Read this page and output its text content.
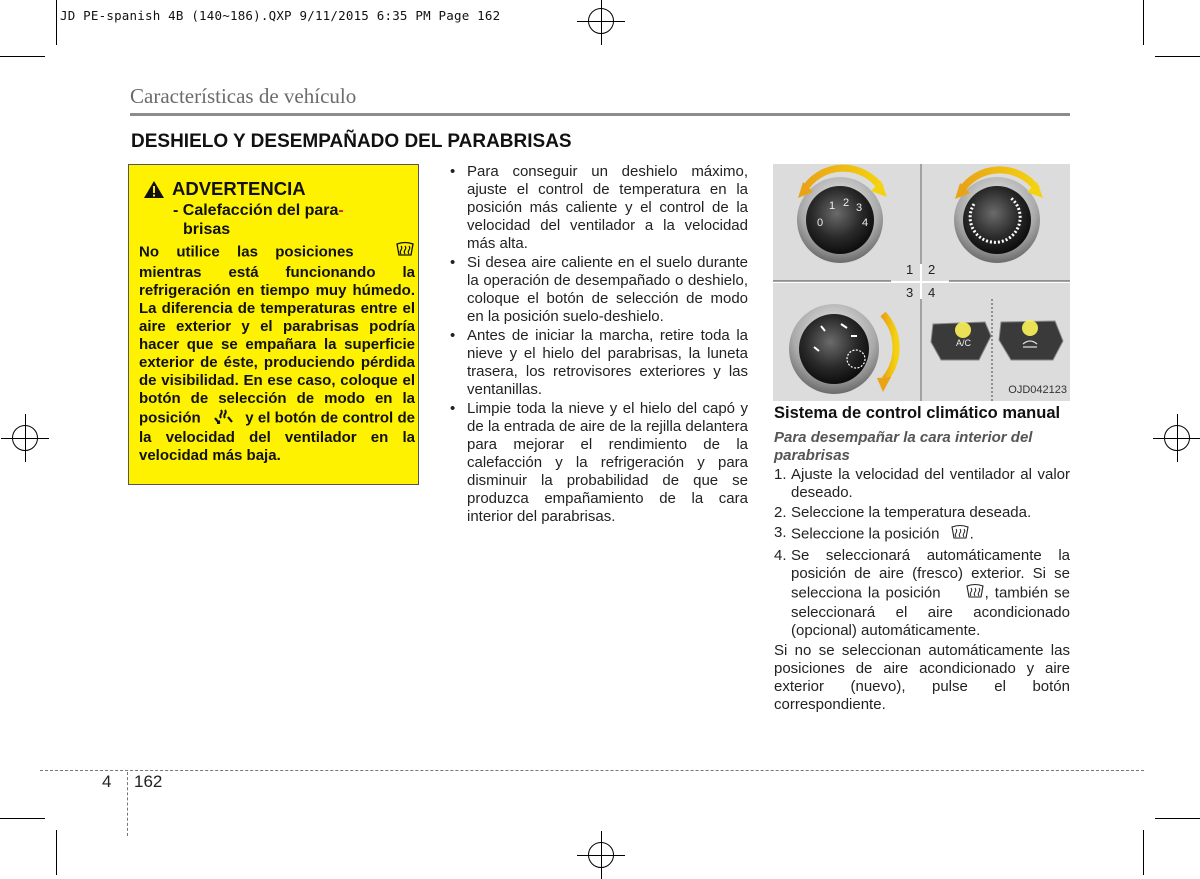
JD PE-spanish 4B (140~186).QXP 9/11/2015 6:35 PM Page 162
Características de vehículo
DESHIELO Y DESEMPAÑADO DEL PARABRISAS
ADVERTENCIA
- Calefacción del para-
brisas
No utilice las posiciones  mientras está funcionando la refrigeración en tiempo muy húmedo. La diferencia de temperaturas entre el aire exterior y el parabrisas podría hacer que se empañara la superficie exterior de éste, produciendo pérdida de visibilidad. En ese caso, coloque el botón de selección de modo en la posición	y el botón de control de la velocidad del ventilador en la velocidad más baja.
• Para conseguir un deshielo máximo, ajuste el control de temperatura en la posición más caliente y el control de la velocidad del ventilador a la velocidad más alta.
• Si desea aire caliente en el suelo durante la operación de desempañado o deshielo, coloque el botón de selección de modo en la posición suelo-deshielo.
• Antes de iniciar la marcha, retire toda la nieve y el hielo del parabrisas, la luneta trasera, los retrovisores exteriores y las ventanillas.
• Limpie toda la nieve y el hielo del capó y de la entrada de aire de la rejilla delantera para mejorar el rendimiento de la calefacción y la refrigeración y para disminuir la probabilidad de que se produzca empañamiento de la cara interior del parabrisas.
0
1 2 3
4
A/C
1 2
3 4
OJD042123
Sistema de control climático manual
Para desempañar la cara interior del parabrisas
1. Ajuste la velocidad del ventilador al valor deseado.
2. Seleccione la temperatura deseada.
3. Seleccione la posición .
4. Se seleccionará automáticamente la posición de aire (fresco) exterior. Si se selecciona la posición	, también se seleccionará el aire acondicionado (opcional) automáticamente.
Si no se seleccionan automáticamente las posiciones de aire acondicionado y aire exterior (nuevo), pulse el botón correspondiente.
4 162
